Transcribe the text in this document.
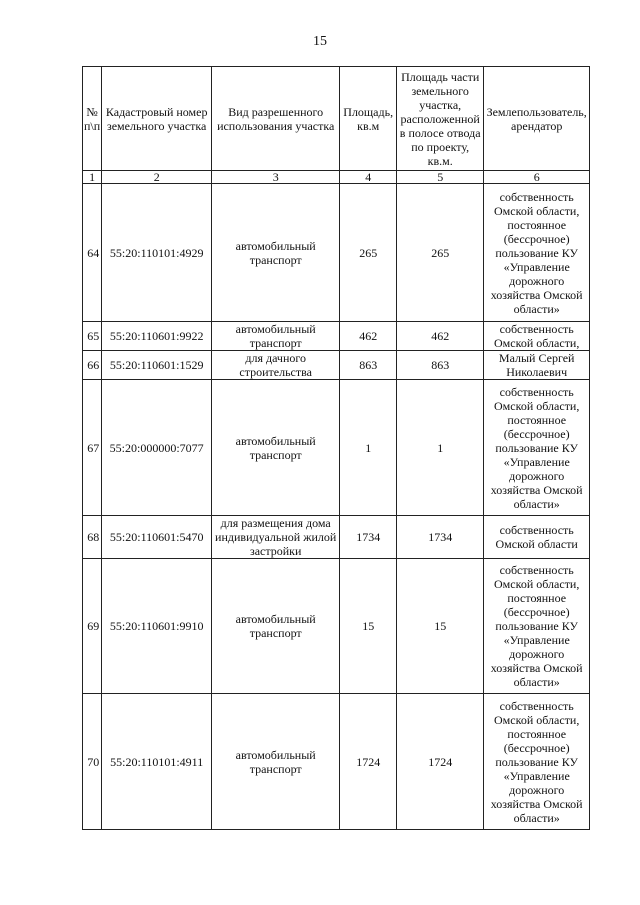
15
№ п\п	Кадастровый номер земельного участка	Вид разрешенного использования участка	Площадь, кв.м	Площадь части земельного участка, расположенной в полосе отвода по проекту, кв.м.	Землепользователь, арендатор
1	2	3	4	5	6
64	55:20:110101:4929	автомобильный транспорт	265	265	собственность Омской области, постоянное (бессрочное) пользование КУ «Управление дорожного хозяйства Омской области»
65	55:20:110601:9922	автомобильный транспорт	462	462	собственность Омской области,
66	55:20:110601:1529	для дачного строительства	863	863	Малый Сергей Николаевич
67	55:20:000000:7077	автомобильный транспорт	1	1	собственность Омской области, постоянное (бессрочное) пользование КУ «Управление дорожного хозяйства Омской области»
68	55:20:110601:5470	для размещения дома индивидуальной жилой застройки	1734	1734	собственность Омской области
69	55:20:110601:9910	автомобильный транспорт	15	15	собственность Омской области, постоянное (бессрочное) пользование КУ «Управление дорожного хозяйства Омской области»
70	55:20:110101:4911	автомобильный транспорт	1724	1724	собственность Омской области, постоянное (бессрочное) пользование КУ «Управление дорожного хозяйства Омской области»
